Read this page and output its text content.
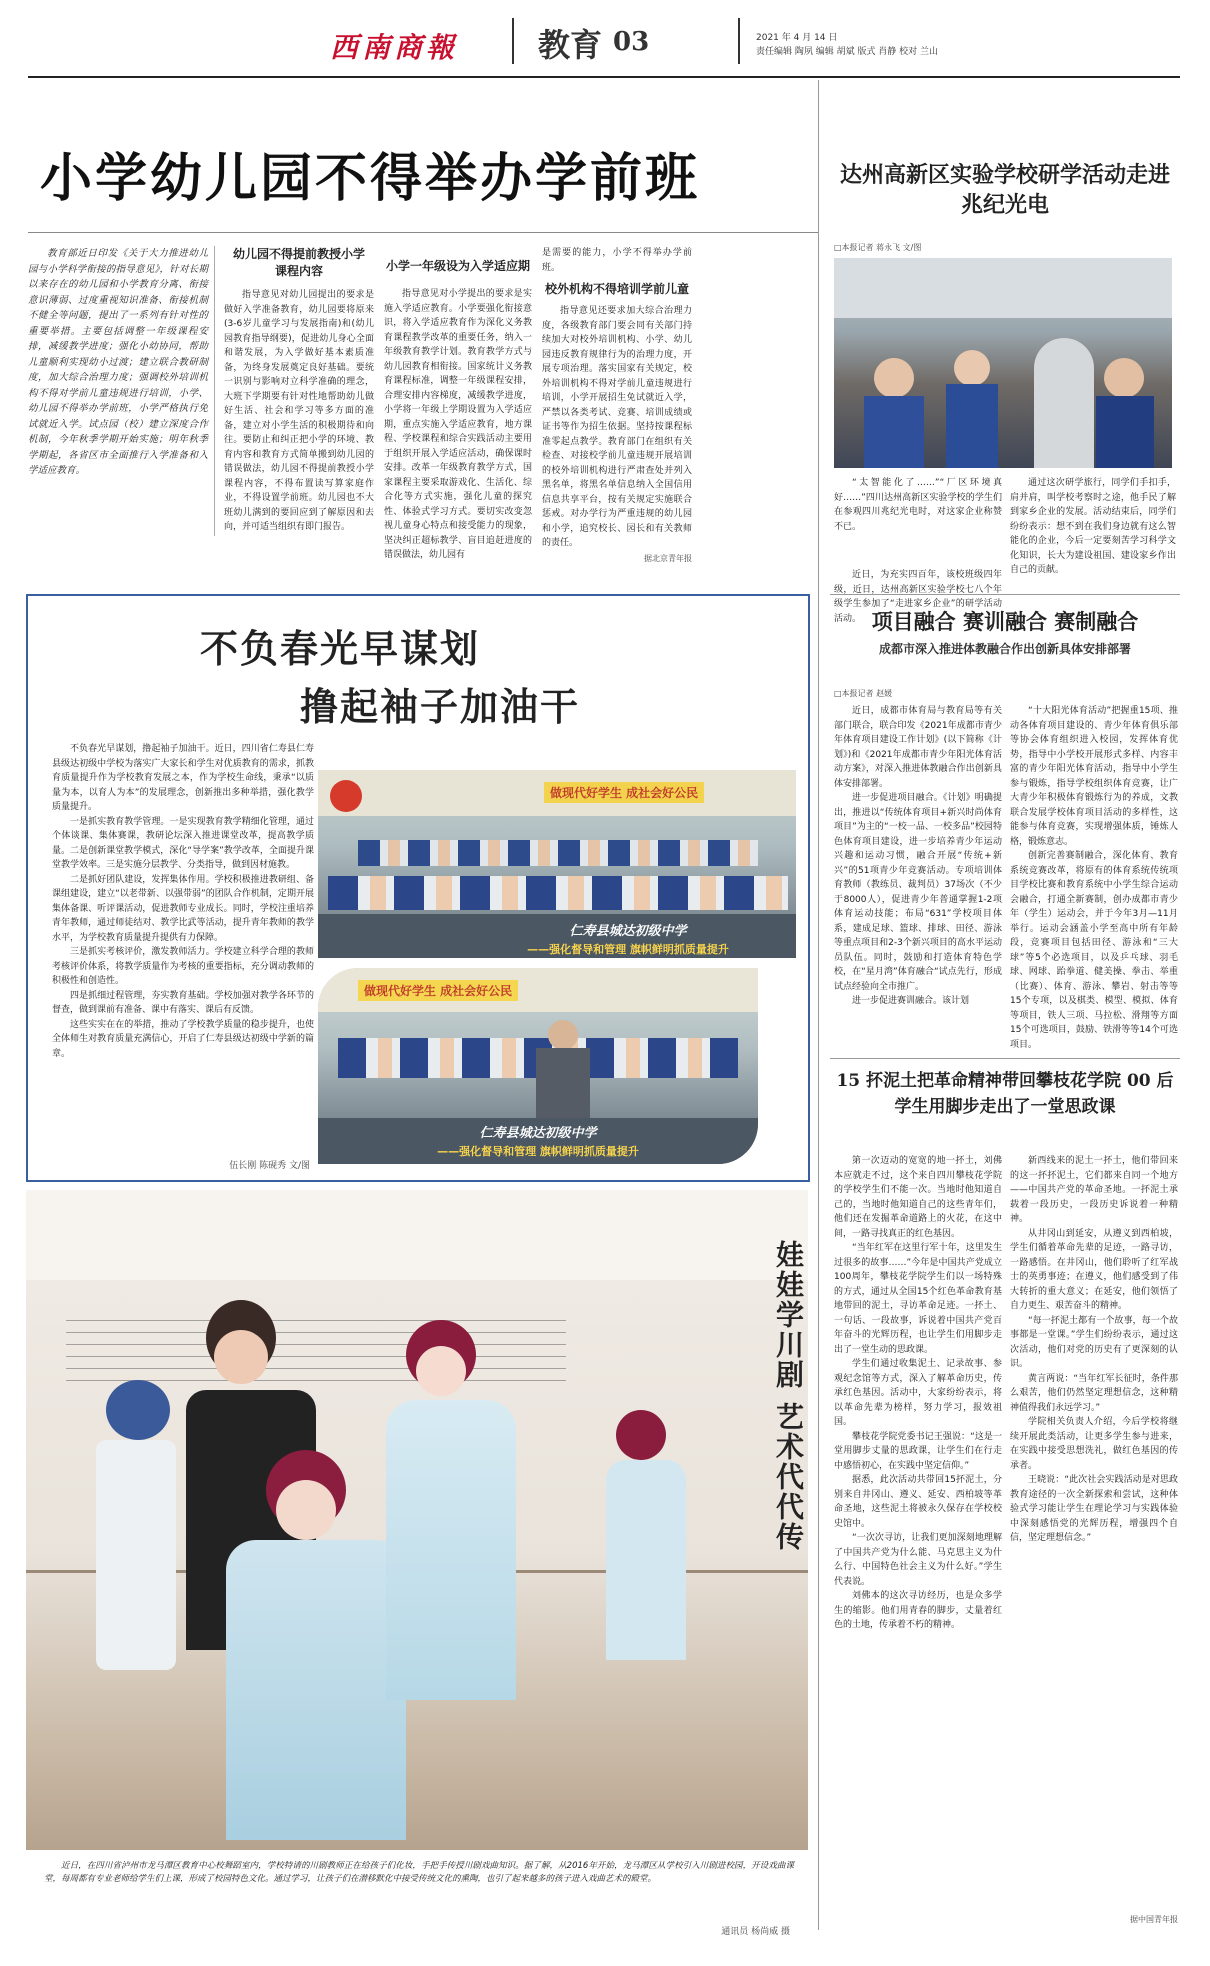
西南商報 教育 03	2021 年 4 月 14 日
责任编辑 陶夙 编辑 胡斌 版式 肖静 校对 兰山
小学幼儿园不得举办学前班

教育部近日印发《关于大力推进幼儿园与小学科学衔接的指导意见》，针对长期以来存在的幼儿园和小学教育分离、衔接意识薄弱、过度重视知识准备、衔接机制不健全等问题，提出了一系列有针对性的重要举措。主要包括调整一年级课程安排，减缓教学进度；强化小幼协同，帮助儿童顺利实现幼小过渡；建立联合教研制度，加大综合治理力度；强调校外培训机构不得对学前儿童违规进行培训，小学、幼儿园不得举办学前班，小学严格执行免试就近入学。试点园（校）建立深度合作机制，今年秋季学期开始实施；明年秋季学期起，各省区市全面推行入学准备和入学适应教育。

幼儿园不得提前教授小学课程内容

指导意见对幼儿园提出的要求是做好入学准备教育，幼儿园要将原来(3-6岁儿童学习与发展指南)和(幼儿园教育指导纲要)，促进幼儿身心全面和谐发展，为入学做好基本素质准备，为终身发展奠定良好基础。要统一识别与影响对立科学准确的理念，大班下学期要有针对性地帮助幼儿做好生活、社会和学习等多方面的准备，建立对小学生活的积极期待和向往。要防止和纠正把小学的环境、教育内容和教育方式简单搬到幼儿园的错误做法，幼儿园不得提前教授小学课程内容，不得布置读写算家庭作业，不得设置学前班。幼儿园也不大班幼儿满到的要回应到了解原因和去向，并可适当组织有即门报告。

小学一年级设为入学适应期

指导意见对小学提出的要求是实施入学适应教育。小学要强化衔接意识，将入学适应教育作为深化义务教育课程教学改革的重要任务，纳入一年级教育教学计划。教育教学方式与幼儿园教育相衔接。国家统计义务教育课程标准，调整一年级课程安排，合理安排内容梯度，减缓教学进度，小学将一年级上学期设置为入学适应期，重点实施入学适应教育，地方课程、学校课程和综合实践活动主要用于组织开展入学适应活动，确保课时安排。改革一年级教育教学方式，国家课程主要采取游戏化、生活化、综合化等方式实施，强化儿童的探究性、体验式学习方式。要切实改变忽视儿童身心特点和接受能力的现象，坚决纠正超标教学、盲目追赶进度的错误做法，幼儿园有

是需要的能力，小学不得举办学前班。

校外机构不得培训学前儿童

指导意见还要求加大综合治理力度，各级教育部门要会同有关部门持续加大对校外培训机构、小学、幼儿园违反教育规律行为的治理力度，开展专项治理。落实国家有关规定，校外培训机构不得对学前儿童违规进行培训，小学开展招生免试就近入学，严禁以各类考试、竞赛、培训成绩或证书等作为招生依据。坚持按课程标准零起点教学。教育部门在组织有关检查、对接校学前儿童违规开展培训的校外培训机构进行严肃查处并列入黑名单，将黑名单信息纳入全国信用信息共享平台，按有关规定实施联合惩戒。对办学行为严重违规的幼儿园和小学，追究校长、园长和有关教师的责任。

据北京青年报
达州高新区实验学校研学活动走进兆纪光电
□本报记者 蒋永飞 文/图

“太智能化了……”“厂区环境真好……”四川达州高新区实验学校的学生们在参观四川兆纪光电时，对这家企业称赞不已。

通过这次研学旅行，同学们手扣手，肩并肩，叫学校考察时之途，他手民了解到家乡企业的发展。活动结束后，同学们纷纷表示：想不到在我们身边就有这么智能化的企业，今后一定要刻苦学习科学文化知识，长大为建设祖国、建设家乡作出自己的贡献。

近日，为充实四百年，该校班级四年级，近日，达州高新区实验学校七八个年级学生参加了“走进家乡企业”的研学活动活动。 项目融合 赛训融合 赛制融合
成都市深入推进体教融合作出创新具体安排部署
□本报记者 赵媛

近日，成都市体育局与教育局等有关部门联合，联合印发《2021年成都市青少年体育项目建设工作计划》(以下简称《计划》)和《2021年成都市青少年阳光体育活动方案》，对深入推进体教融合作出创新具体安排部署。

进一步促进项目融合。《计划》明确提出，推进以“传统体育项目+新兴时尚体育项目”为主的“一校一品、一校多品”校园特色体育项目建设，进一步培养青少年运动兴趣和运动习惯，融合开展“传统+新兴”的51项青少年竞赛活动。专项培训体育教师（教练员、裁判员）37场次（不少于8000人），促进青少年普通掌握1-2项体育运动技能；布局“631”学校项目体系，建成足球、篮球、排球、田径、游泳等重点项目和2-3个新兴项目的高水平运动员队伍。同时，鼓励和打造体育特色学校，在“星月湾”体育融合“试点先行，形成试点经验向全市推广。

进一步促进赛训融合。该计划

“十大阳光体育活动”把握重15项、推动各体育项目建设的、青少年体育俱乐部等协会体育组织进入校园，发挥体育优势，指导中小学校开展形式多样、内容丰富的青少年阳光体育活动，指导中小学生参与锻炼，指导学校组织体育竞赛，让广大青少年积极体育锻炼行为的养成，文教联合发展学校体育项目活动的多样性，这能参与体育竞赛，实现增强体质，锤炼人格，锻炼意志。

创新完善赛制融合，深化体育、教育系统竞赛改革，将原有的体育系统传统项目学校比赛和教育系统中小学生综合运动会融合，打通全新赛制，创办成都市青少年（学生）运动会，并于今年3月—11月举行。运动会涵盖小学至高中所有年龄段，竞赛项目包括田径、游泳和“三大球”等5个必选项目，以及乒乓球、羽毛球、网球、跆拳道、健美操、拳击、举重（比赛）、体育、游泳、攀岩、射击等等15个专项，以及棋类、模型、模拟、体育等项目，铁人三项、马拉松、滑翔等方面15个可选项目，鼓励、铁滑等等14个可选项目。

15 抔泥土把革命精神带回攀枝花学院 00 后学生用脚步走出了一堂思政课

第一次迈动的宽宽的地一抔土，刘佛本应就走不过，这个来自四川攀枝花学院的学校学生们不能一次。当地时他知道自己的，当地时他知道自己的这些青年们，他们还在发掘革命道路上的火花，在这中间，一路寻找真正的红色基因。

“当年红军在这里行军十年，这里发生过很多的故事……”今年是中国共产党成立100周年，攀枝花学院学生们以一场特殊的方式，通过从全国15个红色革命教育基地带回的泥土，寻访革命足迹。一抔土、一句话、一段故事，诉说着中国共产党百年奋斗的光辉历程，也让学生们用脚步走出了一堂生动的思政课。

学生们通过收集泥土、记录故事、参观纪念馆等方式，深入了解革命历史，传承红色基因。活动中，大家纷纷表示，将以革命先辈为榜样，努力学习，报效祖国。

攀枝花学院党委书记王强说：“这是一堂用脚步丈量的思政课，让学生们在行走中感悟初心，在实践中坚定信仰。”

据悉，此次活动共带回15抔泥土，分别来自井冈山、遵义、延安、西柏坡等革命圣地，这些泥土将被永久保存在学校校史馆中。

“一次次寻访，让我们更加深刻地理解了中国共产党为什么能、马克思主义为什么行、中国特色社会主义为什么好。”学生代表说。

刘佛本的这次寻访经历，也是众多学生的缩影。他们用青春的脚步，丈量着红色的土地，传承着不朽的精神。

新西线来的泥土一抔土，他们带回来的这一抔抔泥土，它们都来自同一个地方——中国共产党的革命圣地。一抔泥土承载着一段历史，一段历史诉说着一种精神。

从井冈山到延安，从遵义到西柏坡，学生们循着革命先辈的足迹，一路寻访，一路感悟。在井冈山，他们聆听了红军战士的英勇事迹；在遵义，他们感受到了伟大转折的重大意义；在延安，他们领悟了自力更生、艰苦奋斗的精神。

“每一抔泥土都有一个故事，每一个故事都是一堂课。”学生们纷纷表示，通过这次活动，他们对党的历史有了更深刻的认识。

黄言两说：“当年红军长征时，条件那么艰苦，他们仍然坚定理想信念，这种精神值得我们永远学习。”

学院相关负责人介绍，今后学校将继续开展此类活动，让更多学生参与进来，在实践中接受思想洗礼，做红色基因的传承者。

王晓说：“此次社会实践活动是对思政教育途径的一次全新探索和尝试，这种体验式学习能让学生在理论学习与实践体验中深刻感悟党的光辉历程，增强四个自信，坚定理想信念。”

据中国青年报
不负春光早谋划
撸起袖子加油干

不负春光早谋划，撸起袖子加油干。近日，四川省仁寿县仁寿县级达初级中学校为落实广大家长和学生对优质教育的需求，抓教育质量提升作为学校教育发展之本，作为学校生命线，秉承“以质量为本，以育人为本”的发展理念，创新推出多种举措，强化教学质量提升。

一是抓实教育教学管理。一是实现教育教学精细化管理，通过个体谈课、集体赛课，教研论坛深入推进课堂改革，提高教学质量。二是创新课堂教学模式，深化“导学案”教学改革，全面提升课堂教学效率。三是实施分层教学、分类指导，做到因材施教。

二是抓好团队建设，发挥集体作用。学校积极推进教研组、备课组建设，建立“以老带新、以强带弱”的团队合作机制，定期开展集体备课、听评课活动，促进教师专业成长。同时，学校注重培养青年教师，通过师徒结对、教学比武等活动，提升青年教师的教学水平，为学校教育质量提升提供有力保障。

三是抓实考核评价，激发教师活力。学校建立科学合理的教师考核评价体系，将教学质量作为考核的重要指标，充分调动教师的积极性和创造性。

四是抓细过程管理，夯实教育基础。学校加强对教学各环节的督查，做到课前有准备、课中有落实、课后有反馈。

这些实实在在的举措，推动了学校教学质量的稳步提升，也使全体师生对教育质量充满信心，开启了仁寿县级达初级中学新的篇章。

伍长刚 陈砚秀 文/图
做现代好学生 成社会好公民
仁寿县城达初级中学
——强化督导和管理 旗帜鲜明抓质量提升
做现代好学生 成社会好公民
仁寿县城达初级中学
——强化督导和管理 旗帜鲜明抓质量提升
娃娃学川剧 艺术代代传

近日，在四川省泸州市龙马潭区教育中心校舞蹈室内，学校特请的川剧教师正在给孩子们化妆，手把手传授川剧戏曲知识。据了解，从2016年开始，龙马潭区从学校引入川剧进校园，开设戏曲课堂，每周都有专业老师给学生们上课，形成了校园特色文化。通过学习，让孩子们在潜移默化中接受传统文化的熏陶，也引了起来越多的孩子进入戏曲艺术的殿堂。

通讯员 杨尚威 摄
